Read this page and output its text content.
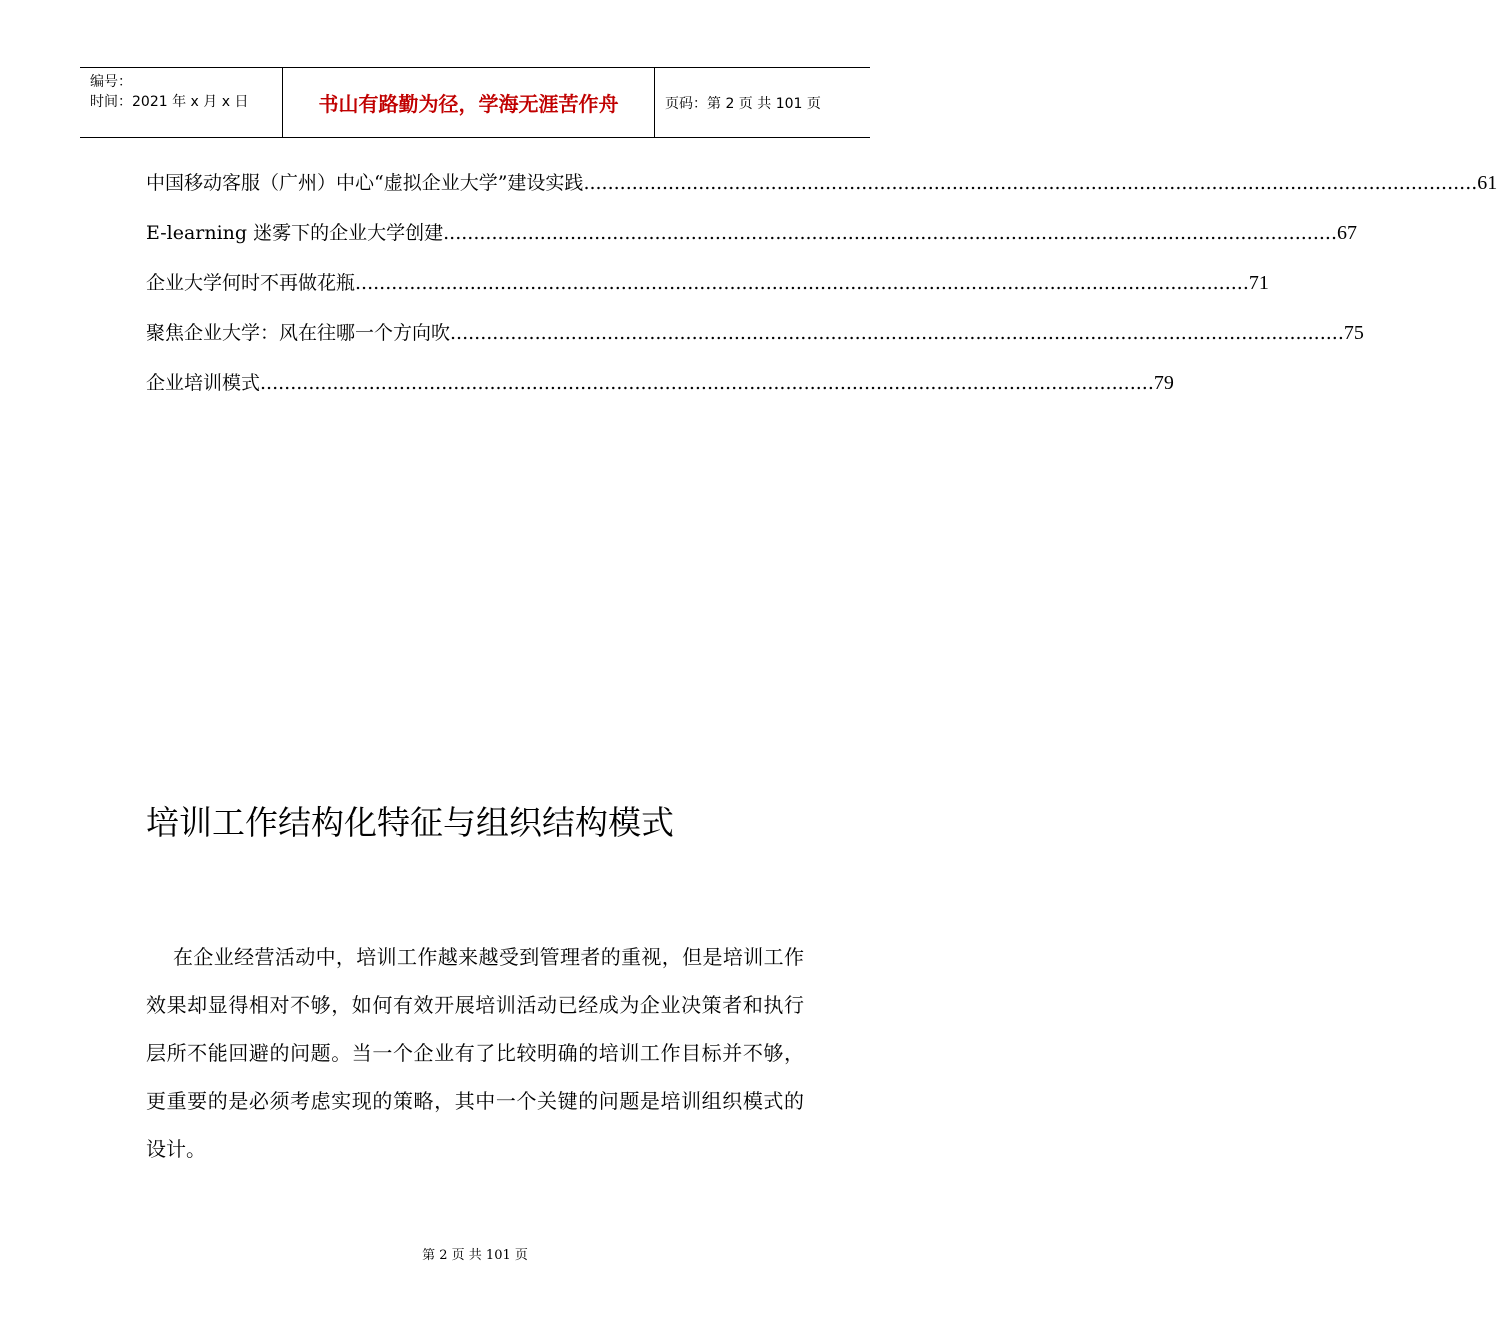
编号：
时间：2021 年 x 月 x 日	书山有路勤为径，学海无涯苦作舟	页码：第 2 页 共 101 页
中国移动客服（广州）中心“虚拟企业大学”建设实践 .................................................................................................................................................... 61
E-learning 迷雾下的企业大学创建 .................................................................................................................................................... 67
企业大学何时不再做花瓶 .................................................................................................................................................... 71
聚焦企业大学：风在往哪一个方向吹 .................................................................................................................................................... 75
企业培训模式 .................................................................................................................................................... 79
培训工作结构化特征与组织结构模式

在企业经营活动中，培训工作越来越受到管理者的重视，但是培训工作效果却显得相对不够，如何有效开展培训活动已经成为企业决策者和执行层所不能回避的问题。当一个企业有了比较明确的培训工作目标并不够，更重要的是必须考虑实现的策略，其中一个关键的问题是培训组织模式的设计。

第 2 页 共 101 页
